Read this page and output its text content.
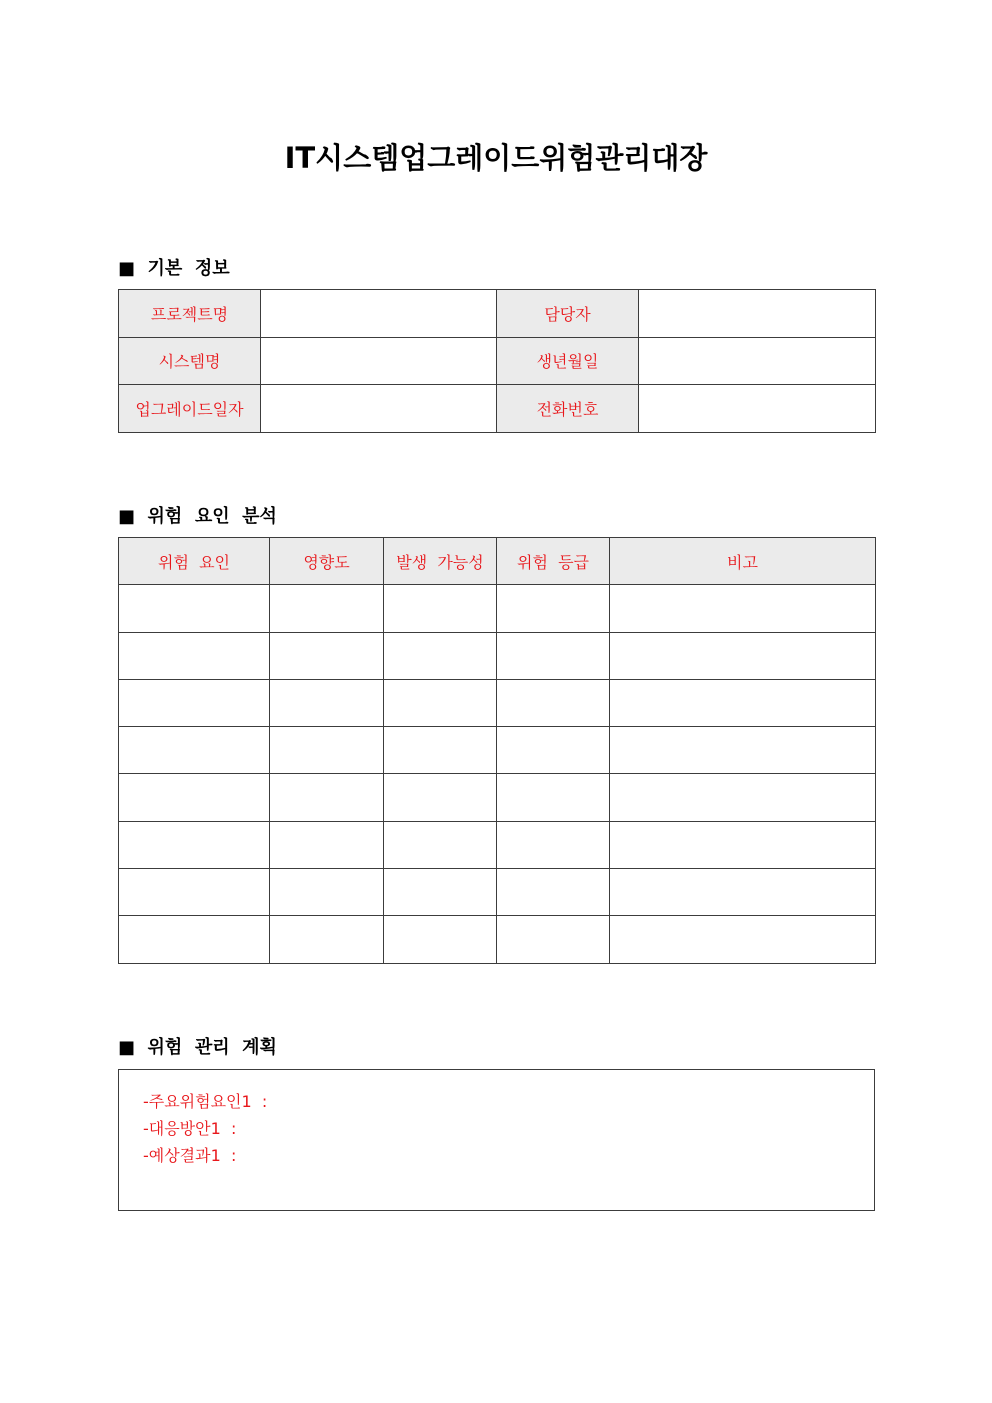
IT시스템업그레이드위험관리대장
■  기본  정보
프로젝트명		담당자	
시스템명		생년월일	
업그레이드일자		전화번호	
■  위험  요인  분석
위험  요인	영향도	발생  가능성	위험  등급	비고

■  위험  관리  계획
-주요위험요인1  :
-대응방안1  :
-예상결과1  :
